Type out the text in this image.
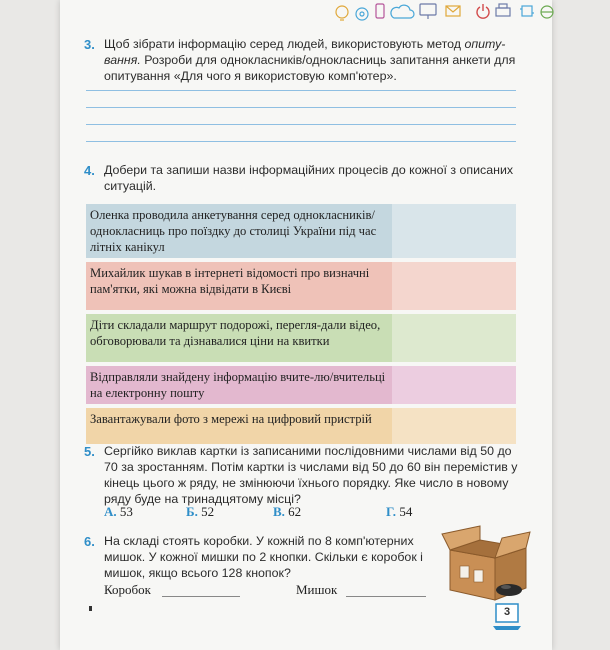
3. Щоб зібрати інформацію серед людей, використовують метод опиту-вання. Розроби для однокласників/однокласниць запитання анкети для опитування «Для чого я використовую комп'ютер».
4. Добери та запиши назви інформаційних процесів до кожної з описаних ситуацій.
Оленка проводила анкетування серед однокласників/однокласниць про поїздку до столиці України під час літніх канікул	
Михайлик шукав в інтернеті відомості про визначні пам'ятки, які можна відвідати в Києві	
Діти складали маршрут подорожі, перегля-дали відео, обговорювали та дізнавалися ціни на квитки	
Відправляли знайдену інформацію вчите-лю/вчительці на електронну пошту	
Завантажували фото з мережі на цифровий пристрій	
5. Сергійко виклав картки із записаними послідовними числами від 50 до 70 за зростанням. Потім картки із числами від 50 до 60 він перемістив у кінець цього ж ряду, не змінюючи їхнього порядку. Яке число в новому ряду буде на тринадцятому місці?
А. 53	Б. 52	В. 62	Г. 54
6. На складі стоять коробки. У кожній по 8 комп'ютерних мишок. У кожної мишки по 2 кнопки. Скільки є коробок і мишок, якщо всього 128 кнопок?
Коробок	Мишок
3
